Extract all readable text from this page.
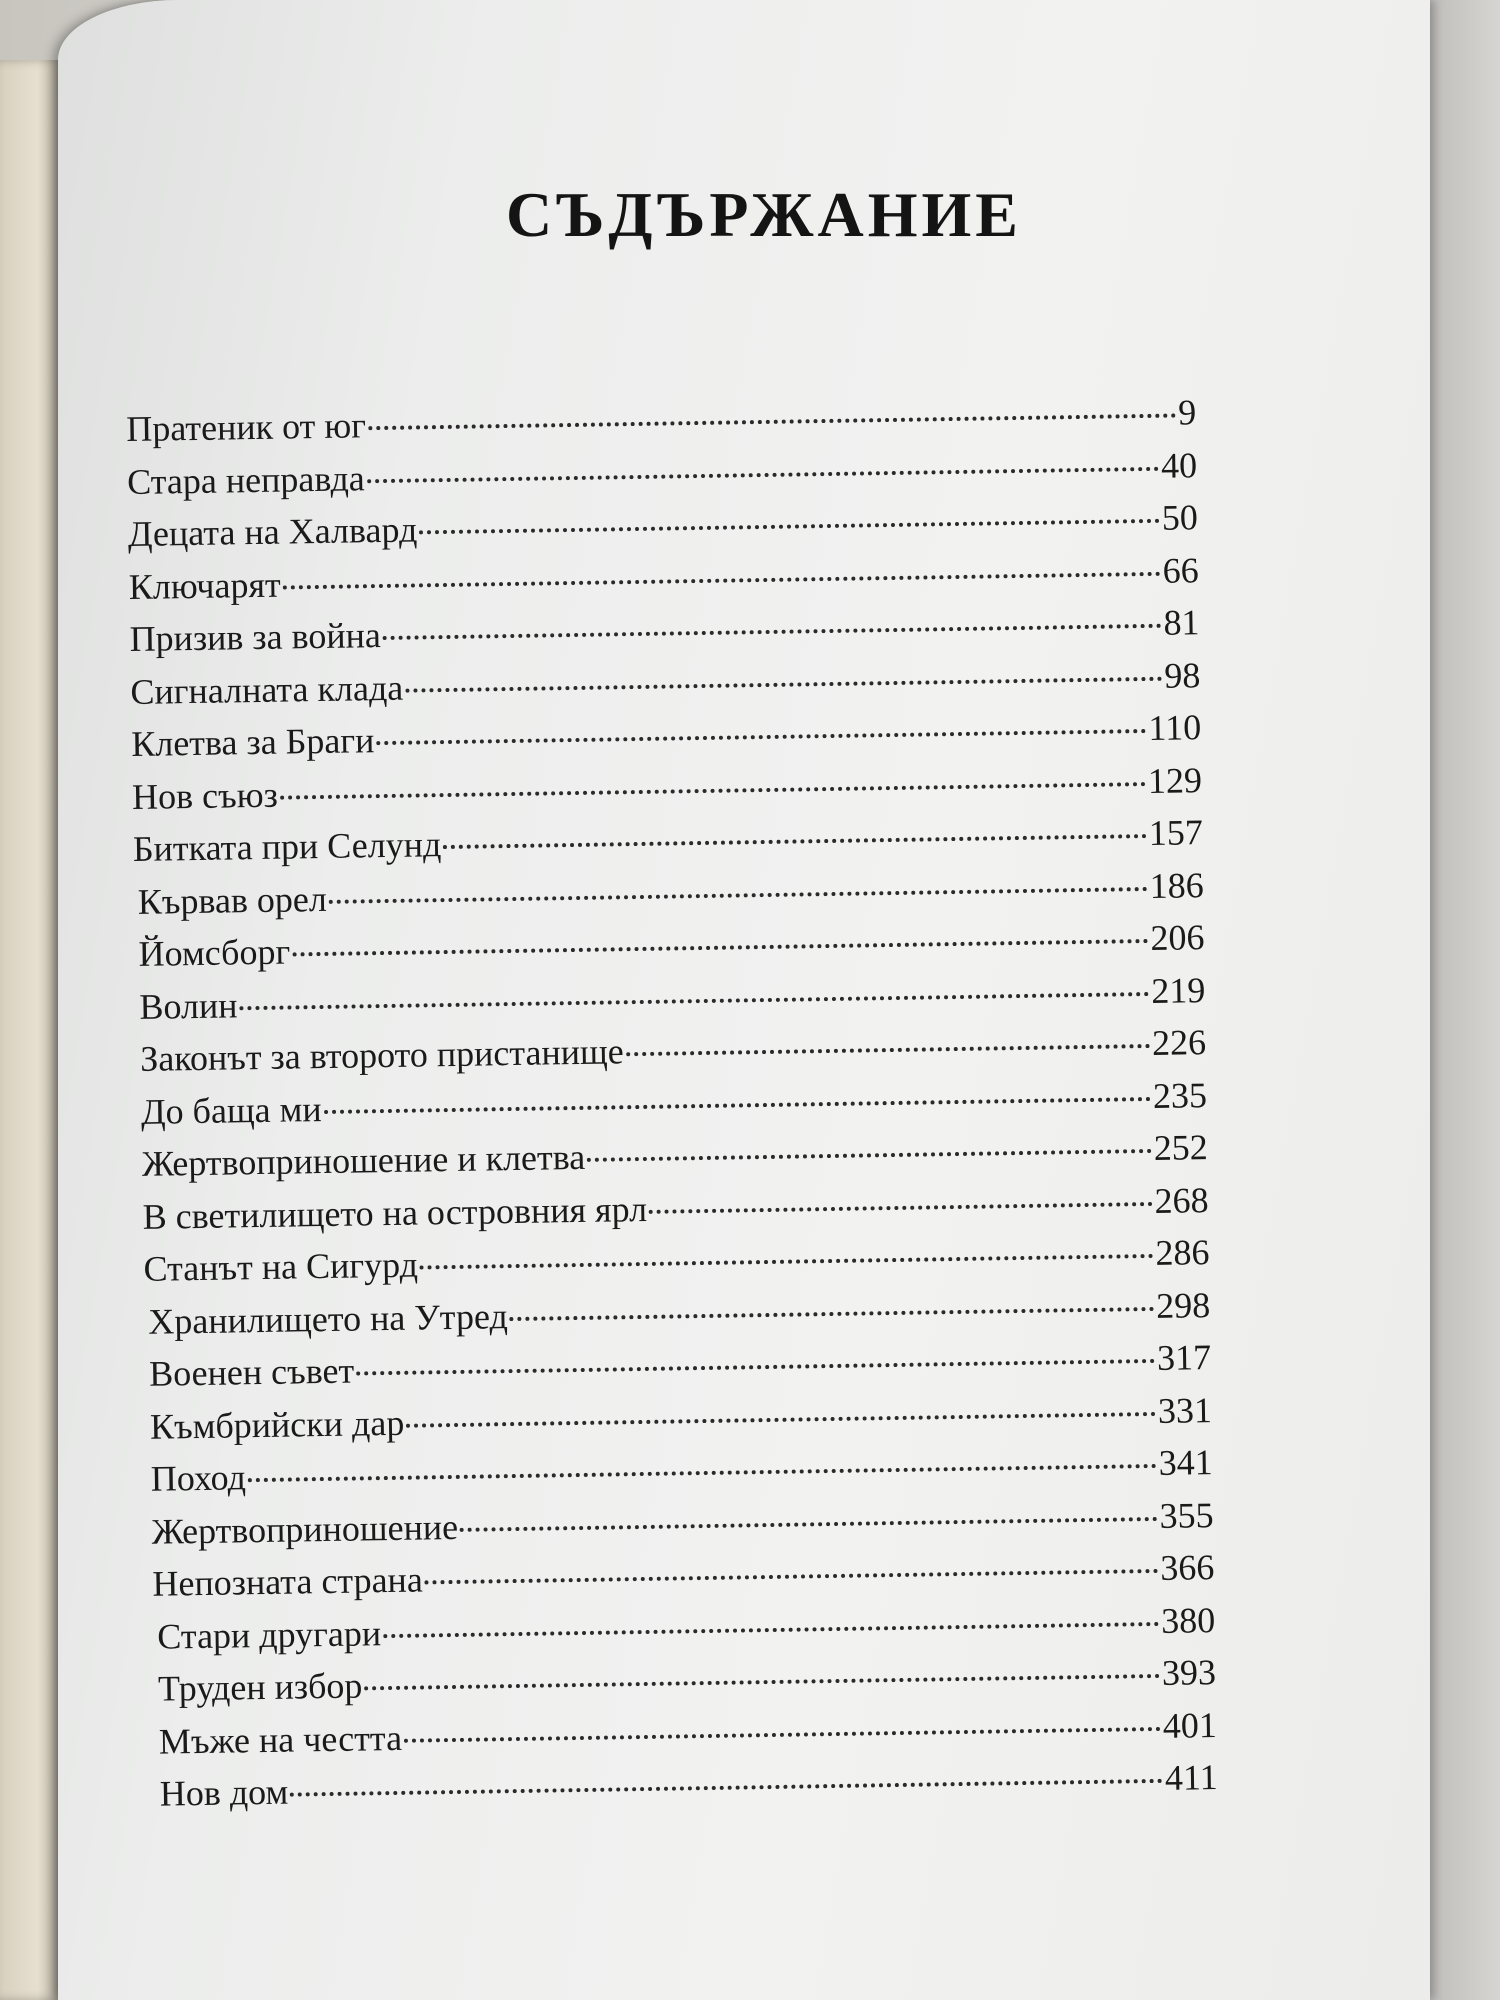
СЪДЪРЖАНИЕ
Пратеник от юг	9
Стара неправда	40
Децата на Халвард	50
Ключарят	66
Призив за война	81
Сигналната клада	98
Клетва за Браги	110
Нов съюз	129
Битката при Селунд	157
Кървав орел	186
Йомсборг	206
Волин	219
Законът за второто пристанище	226
До баща ми	235
Жертвоприношение и клетва	252
В светилището на островния ярл	268
Станът на Сигурд	286
Хранилището на Утред	298
Военен съвет	317
Къмбрийски дар	331
Поход	341
Жертвоприношение	355
Непозната страна	366
Стари другари	380
Труден избор	393
Мъже на честта	401
Нов дом	411
